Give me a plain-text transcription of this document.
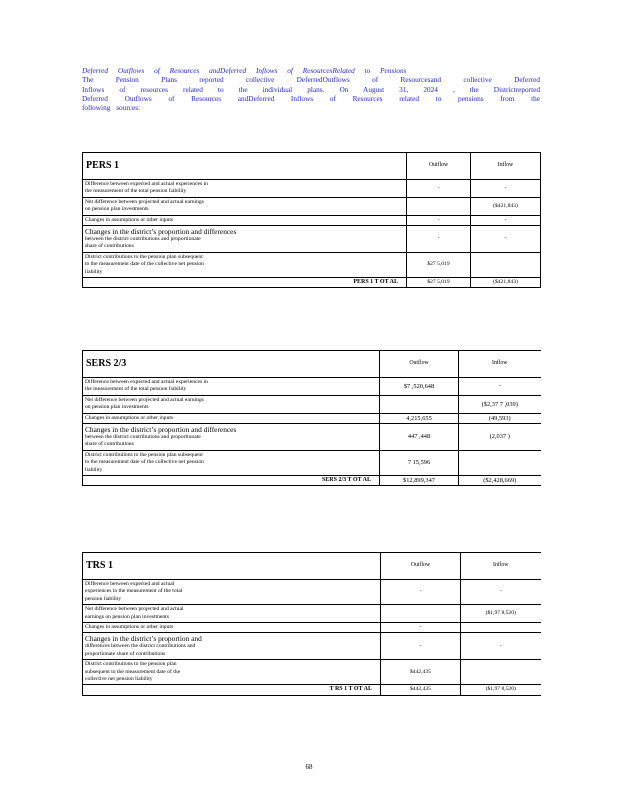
Deferred Outflows of Resources andDeferred Inflows of ResourcesRelated to Pensions
The Pension Plans reported collective DeferredOutflows of Resourcesand collective Deferred
Inflows of resources related to the individual plans. On August 31, 2024 , the Districtreported
Deferred Outflows of Resources andDeferred Inflows of Resources related to pensions from the
following sources:
PERS 1	Outflow	Inflow

Difference between expected and actual experiences in
the measurement of the total pension liability	-	-

Net difference between projected and actual earnings
on pension plan investments		($421,843)

Changes in assumptions or other inputs	-	-

Changes in the district’s proportion and differences
between the district contributions and proportionate
share of contributions	-	-

District contributions to the pension plan subsequent
to the measurement date of the collective net pension
liability	$27 5,019	
PERS 1 T OT AL	$27 5,019	($421,843)
SERS 2/3	Outflow	Inflow

Difference between expected and actual experiences in
the measurement of the total pension liability	$7 ,520,648	-

Net difference between projected and actual earnings
on pension plan investments		($2,37 7 ,039)

Changes in assumptions or other inputs	4,215,655	(49,593)

Changes in the district’s proportion and differences
between the district contributions and proportionate
share of contributions	447 ,448	(2,037 )

District contributions to the pension plan subsequent
to the measurement date of the collective net pension
liability	7 15,596	
SERS 2/3 T OT AL	$12,899,347	($2,428,669)
TRS 1	Outflow	Inflow

Difference between expected and actual
experiences in the measurement of the total
pension liability	-	-

Net difference between projected and actual
earnings on pension plan investments		($1,97 8,520)

Changes in assumptions or other inputs	-	

Changes in the district’s proportion and
differences between the district contributions and
proportionate share of contributions	-	-

District contributions to the pension plan
subsequent to the measurement date of the
collective net pension liability	$442,435	
T RS 1 T OT AL	$442,435	($1,97 8,520)
68
